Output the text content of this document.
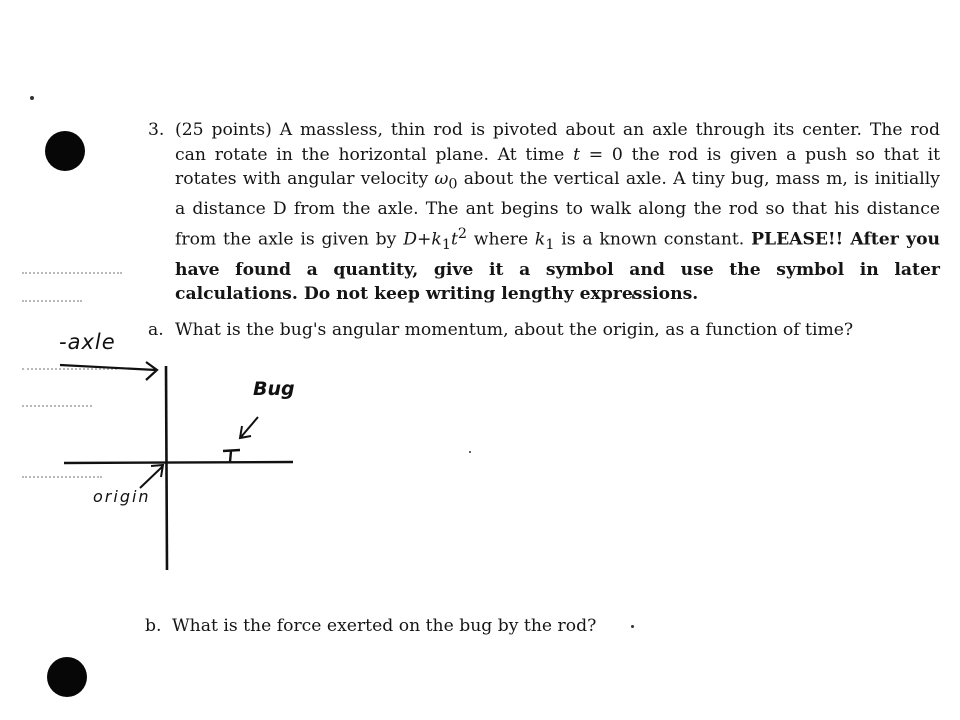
3. (25 points) A massless, thin rod is pivoted about an axle through its center. The rod can rotate in the horizontal plane. At time t = 0 the rod is given a push so that it rotates with angular velocity $\omega_0$ about the vertical axle. A tiny bug, mass m, is initially a distance D from the axle. The ant begins to walk along the rod so that his distance from the axle is given by $D+k_1t^2$ where $k_1$ is a known constant. PLEASE!! After you have found a quantity, give it a symbol and use the symbol in later calculations. Do not keep writing lengthy expressions.
a. What is the bug's angular momentum, about the origin, as a function of time?
-axle
origin
Bug
b. What is the force exerted on the bug by the rod?
